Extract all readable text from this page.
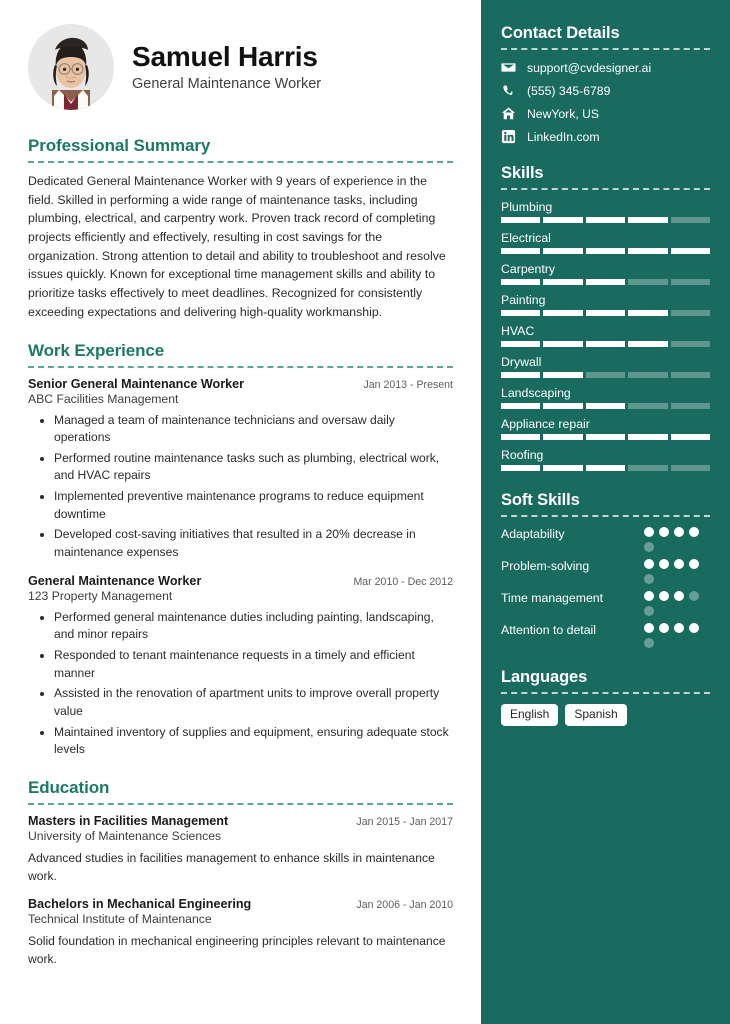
Samuel Harris
General Maintenance Worker
Professional Summary
Dedicated General Maintenance Worker with 9 years of experience in the field. Skilled in performing a wide range of maintenance tasks, including plumbing, electrical, and carpentry work. Proven track record of completing projects efficiently and effectively, resulting in cost savings for the organization. Strong attention to detail and ability to troubleshoot and resolve issues quickly. Known for exceptional time management skills and ability to prioritize tasks effectively to meet deadlines. Recognized for consistently exceeding expectations and delivering high-quality workmanship.
Work Experience
Senior General Maintenance Worker	Jan 2013 - Present
ABC Facilities Management
• Managed a team of maintenance technicians and oversaw daily operations
• Performed routine maintenance tasks such as plumbing, electrical work, and HVAC repairs
• Implemented preventive maintenance programs to reduce equipment downtime
• Developed cost-saving initiatives that resulted in a 20% decrease in maintenance expenses
General Maintenance Worker	Mar 2010 - Dec 2012
123 Property Management
• Performed general maintenance duties including painting, landscaping, and minor repairs
• Responded to tenant maintenance requests in a timely and efficient manner
• Assisted in the renovation of apartment units to improve overall property value
• Maintained inventory of supplies and equipment, ensuring adequate stock levels
Education
Masters in Facilities Management	Jan 2015 - Jan 2017
University of Maintenance Sciences
Advanced studies in facilities management to enhance skills in maintenance work.
Bachelors in Mechanical Engineering	Jan 2006 - Jan 2010
Technical Institute of Maintenance
Solid foundation in mechanical engineering principles relevant to maintenance work.
Contact Details
support@cvdesigner.ai
(555) 345-6789
NewYork, US
LinkedIn.com
Skills
Plumbing
Electrical
Carpentry
Painting
HVAC
Drywall
Landscaping
Appliance repair
Roofing
Soft Skills
Adaptability
Problem-solving
Time management
Attention to detail
Languages
English	Spanish
